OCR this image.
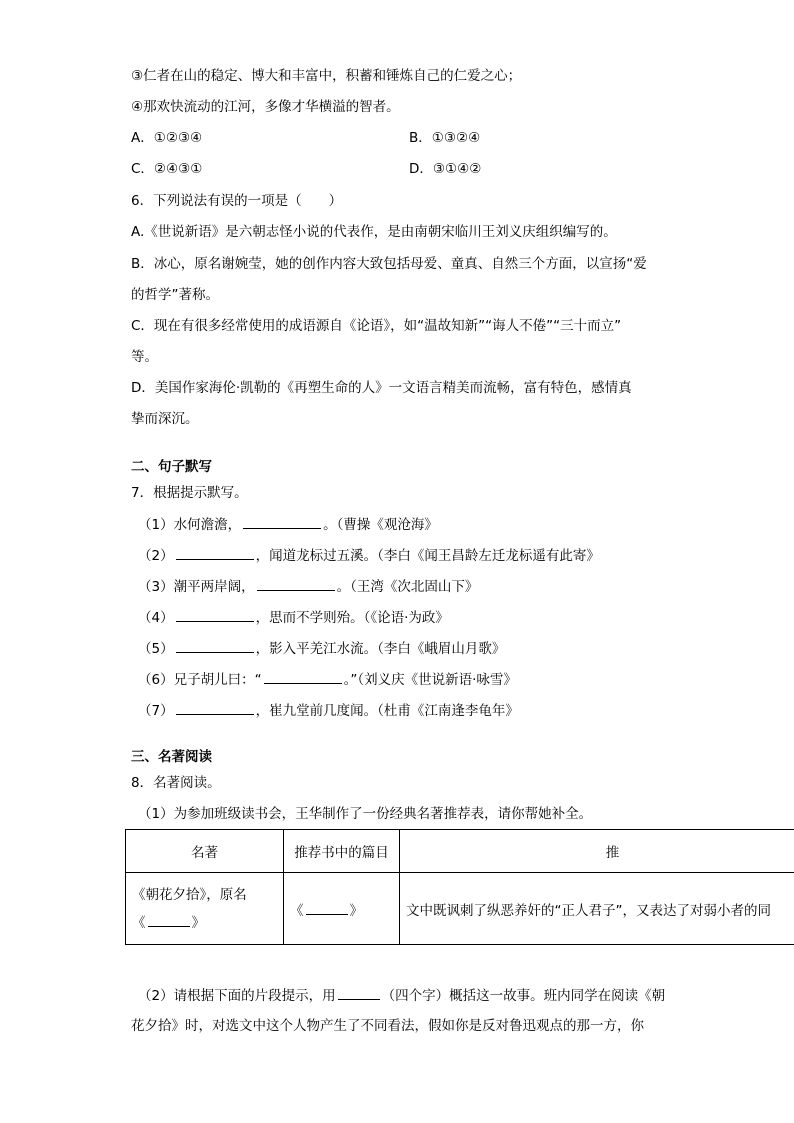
③仁者在山的稳定、博大和丰富中，积蓄和锤炼自己的仁爱之心；
④那欢快流动的江河，多像才华横溢的智者。
A．①②③④	B．①③②④
C．②④③①	D．③①④②
6．下列说法有误的一项是（　　）
A.《世说新语》是六朝志怪小说的代表作，是由南朝宋临川王刘义庆组织编写的。
B．冰心，原名谢婉莹，她的创作内容大致包括母爱、童真、自然三个方面，以宣扬“爱
的哲学”著称。
C．现在有很多经常使用的成语源自《论语》，如“温故知新”“诲人不倦”“三十而立”
等。
D．美国作家海伦·凯勒的《再塑生命的人》一文语言精美而流畅，富有特色，感情真
挚而深沉。
二、句子默写
7．根据提示默写。
（1）水何澹澹，	。（曹操《观沧海》
（2）	，闻道龙标过五溪。（李白《闻王昌龄左迁龙标遥有此寄》
（3）潮平两岸阔，	。（王湾《次北固山下》
（4）	，思而不学则殆。（《论语·为政》
（5）	，影入平羌江水流。（李白《峨眉山月歌》
（6）兄子胡儿曰：“	。”（刘义庆《世说新语·咏雪》
（7）	，崔九堂前几度闻。（杜甫《江南逢李龟年》
三、名著阅读
8．名著阅读。
（1）为参加班级读书会，王华制作了一份经典名著推荐表，请你帮她补全。
名著	推荐书中的篇目	推

《朝花夕拾》，原名
《 》	《 》	文中既讽刺了纵恶养奸的“正人君子”，又表达了对弱小者的同
（2）请根据下面的片段提示，用	（四个字）概括这一故事。班内同学在阅读《朝
花夕拾》时，对选文中这个人物产生了不同看法，假如你是反对鲁迅观点的那一方，你
